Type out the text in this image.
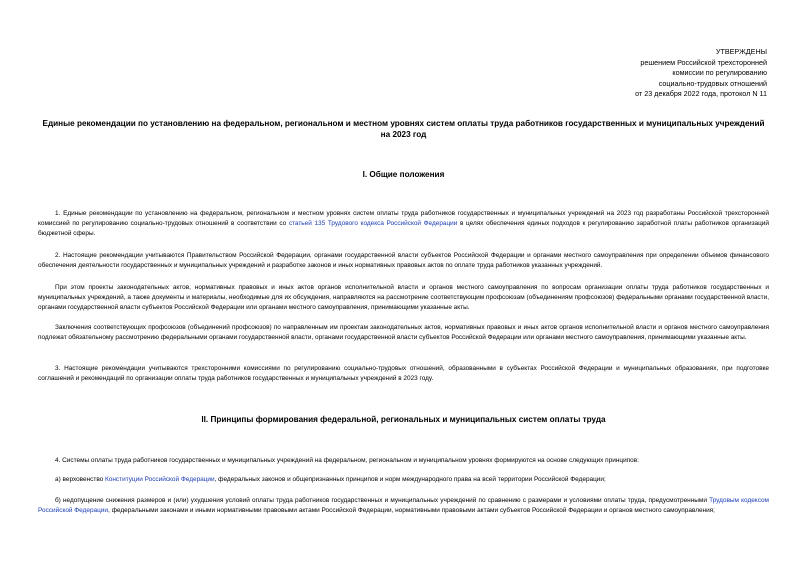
УТВЕРЖДЕНЫ
решением Российской трехсторонней
комиссии по регулированию
социально-трудовых отношений
от 23 декабря 2022 года, протокол N 11
Единые рекомендации по установлению на федеральном, региональном и местном уровнях систем оплаты труда работников государственных и муниципальных учреждений на 2023 год
I. Общие положения

1. Единые рекомендации по установлению на федеральном, региональном и местном уровнях систем оплаты труда работников государственных и муниципальных учреждений на 2023 год разработаны Российской трехсторонней комиссией по регулированию социально-трудовых отношений в соответствии со статьей 135 Трудового кодекса Российской Федерации в целях обеспечения единых подходов к регулированию заработной платы работников организаций бюджетной сферы.

2. Настоящие рекомендации учитываются Правительством Российской Федерации, органами государственной власти субъектов Российской Федерации и органами местного самоуправления при определении объемов финансового обеспечения деятельности государственных и муниципальных учреждений и разработке законов и иных нормативных правовых актов по оплате труда работников указанных учреждений.

При этом проекты законодательных актов, нормативных правовых и иных актов органов исполнительной власти и органов местного самоуправления по вопросам организации оплаты труда работников государственных и муниципальных учреждений, а также документы и материалы, необходимые для их обсуждения, направляются на рассмотрение соответствующим профсоюзам (объединениям профсоюзов) федеральными органами государственной власти, органами государственной власти субъектов Российской Федерации или органами местного самоуправления, принимающими указанные акты.

Заключения соответствующих профсоюзов (объединений профсоюзов) по направленным им проектам законодательных актов, нормативных правовых и иных актов органов исполнительной власти и органов местного самоуправления подлежат обязательному рассмотрению федеральными органами государственной власти, органами государственной власти субъектов Российской Федерации или органами местного самоуправления, принимающими указанные акты.

3. Настоящие рекомендации учитываются трехсторонними комиссиями по регулированию социально-трудовых отношений, образованными в субъектах Российской Федерации и муниципальных образованиях, при подготовке соглашений и рекомендаций по организации оплаты труда работников государственных и муниципальных учреждений в 2023 году.

II. Принципы формирования федеральной, региональных и муниципальных систем оплаты труда

4. Системы оплаты труда работников государственных и муниципальных учреждений на федеральном, региональном и муниципальном уровнях формируются на основе следующих принципов:

а) верховенство Конституции Российской Федерации, федеральных законов и общепризнанных принципов и норм международного права на всей территории Российской Федерации;

б) недопущение снижения размеров и (или) ухудшения условий оплаты труда работников государственных и муниципальных учреждений по сравнению с размерами и условиями оплаты труда, предусмотренными Трудовым кодексом Российской Федерации, федеральными законами и иными нормативными правовыми актами Российской Федерации, нормативными правовыми актами субъектов Российской Федерации и органов местного самоуправления;
